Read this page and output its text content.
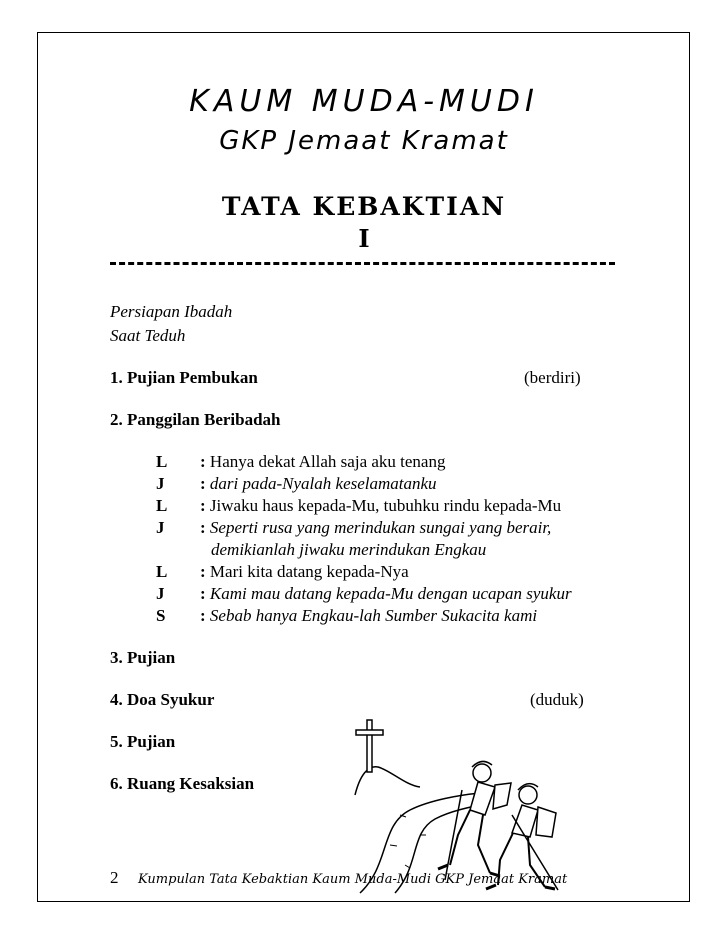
KAUM MUDA-MUDI
GKP Jemaat Kramat
TATA KEBAKTIAN
I
Persiapan Ibadah
Saat Teduh
1. Pujian Pembukan	(berdiri)
2. Panggilan Beribadah
L	: Hanya dekat Allah saja aku tenang
J	: dari pada-Nyalah keselamatanku
L	: Jiwaku haus kepada-Mu, tubuhku rindu kepada-Mu
J	: Seperti rusa yang merindukan sungai yang berair,
demikianlah jiwaku merindukan Engkau
L	: Mari kita datang kepada-Nya
J	: Kami mau datang kepada-Mu dengan ucapan syukur
S	: Sebab hanya Engkau-lah Sumber Sukacita kami
3. Pujian
4. Doa Syukur	(duduk)
5. Pujian
6. Ruang Kesaksian
2 Kumpulan Tata Kebaktian Kaum Muda-Mudi GKP Jemaat Kramat
